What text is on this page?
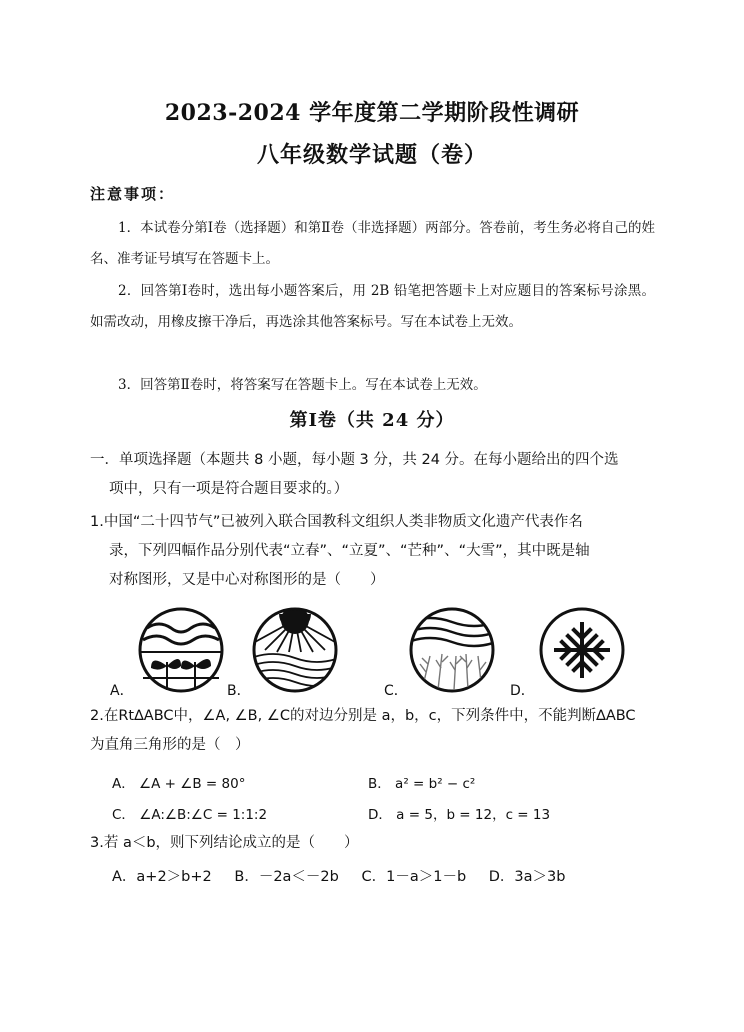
2023-2024 学年度第二学期阶段性调研
八年级数学试题（卷）
注意事项：
1．本试卷分第Ⅰ卷（选择题）和第Ⅱ卷（非选择题）两部分。答卷前，考生务必将自己的姓名、准考证号填写在答题卡上。
2．回答第Ⅰ卷时，选出每小题答案后，用 2B 铅笔把答题卡上对应题目的答案标号涂黑。如需改动，用橡皮擦干净后，再选涂其他答案标号。写在本试卷上无效。
3．回答第Ⅱ卷时，将答案写在答题卡上。写在本试卷上无效。
第Ⅰ卷（共 24 分）
一．单项选择题（本题共 8 小题，每小题 3 分，共 24 分。在每小题给出的四个选
项中，只有一项是符合题目要求的。）
1.中国“二十四节气”已被列入联合国教科文组织人类非物质文化遗产代表作名
录，下列四幅作品分别代表“立春”、“立夏”、“芒种”、“大雪”，其中既是轴
对称图形，又是中心对称图形的是（　　）
A．	B．	C．	D．
2.在Rt∆ABC中，∠A, ∠B, ∠C的对边分别是 a，b，c，下列条件中，不能判断∆ABC
为直角三角形的是（　）
A． ∠A + ∠B = 80°	B． a² = b² − c²
C． ∠A:∠B:∠C = 1:1:2	D． a = 5，b = 12，c = 13
3.若 a＜b，则下列结论成立的是（　　）
A．a+2＞b+2 B．－2a＜－2b C．1－a＞1－b D．3a＞3b
